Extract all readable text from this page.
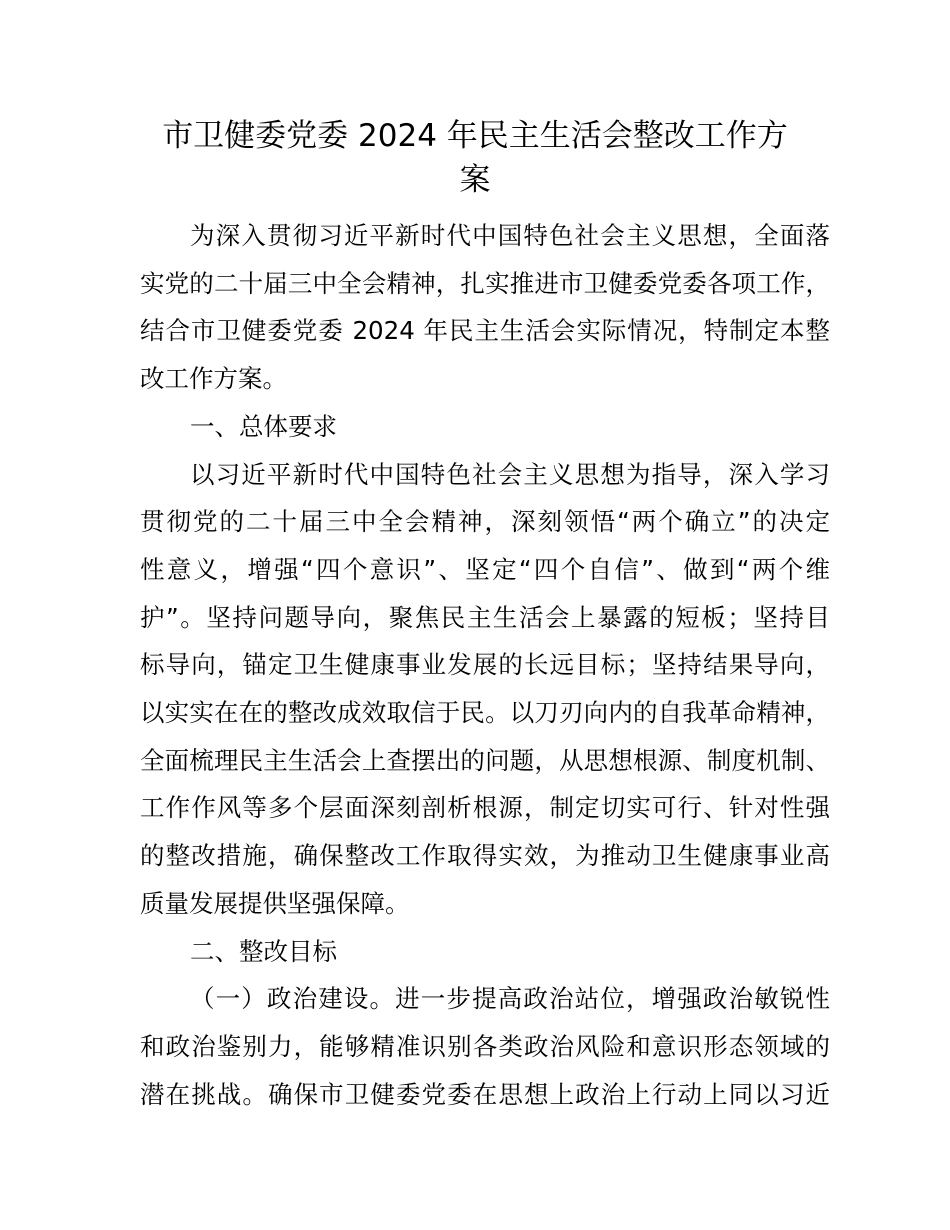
市卫健委党委 2024 年民主生活会整改工作方
案

为深入贯彻习近平新时代中国特色社会主义思想，全面落

实党的二十届三中全会精神，扎实推进市卫健委党委各项工作，

结合市卫健委党委 2024 年民主生活会实际情况，特制定本整

改工作方案。

一、总体要求

以习近平新时代中国特色社会主义思想为指导，深入学习

贯彻党的二十届三中全会精神，深刻领悟“两个确立”的决定

性意义，增强“四个意识”、坚定“四个自信”、做到“两个维

护”。坚持问题导向，聚焦民主生活会上暴露的短板；坚持目

标导向，锚定卫生健康事业发展的长远目标；坚持结果导向，

以实实在在的整改成效取信于民。以刀刃向内的自我革命精神，

全面梳理民主生活会上查摆出的问题，从思想根源、制度机制、

工作作风等多个层面深刻剖析根源，制定切实可行、针对性强

的整改措施，确保整改工作取得实效，为推动卫生健康事业高

质量发展提供坚强保障。

二、整改目标

（一）政治建设。进一步提高政治站位，增强政治敏锐性

和政治鉴别力，能够精准识别各类政治风险和意识形态领域的

潜在挑战。确保市卫健委党委在思想上政治上行动上同以习近
